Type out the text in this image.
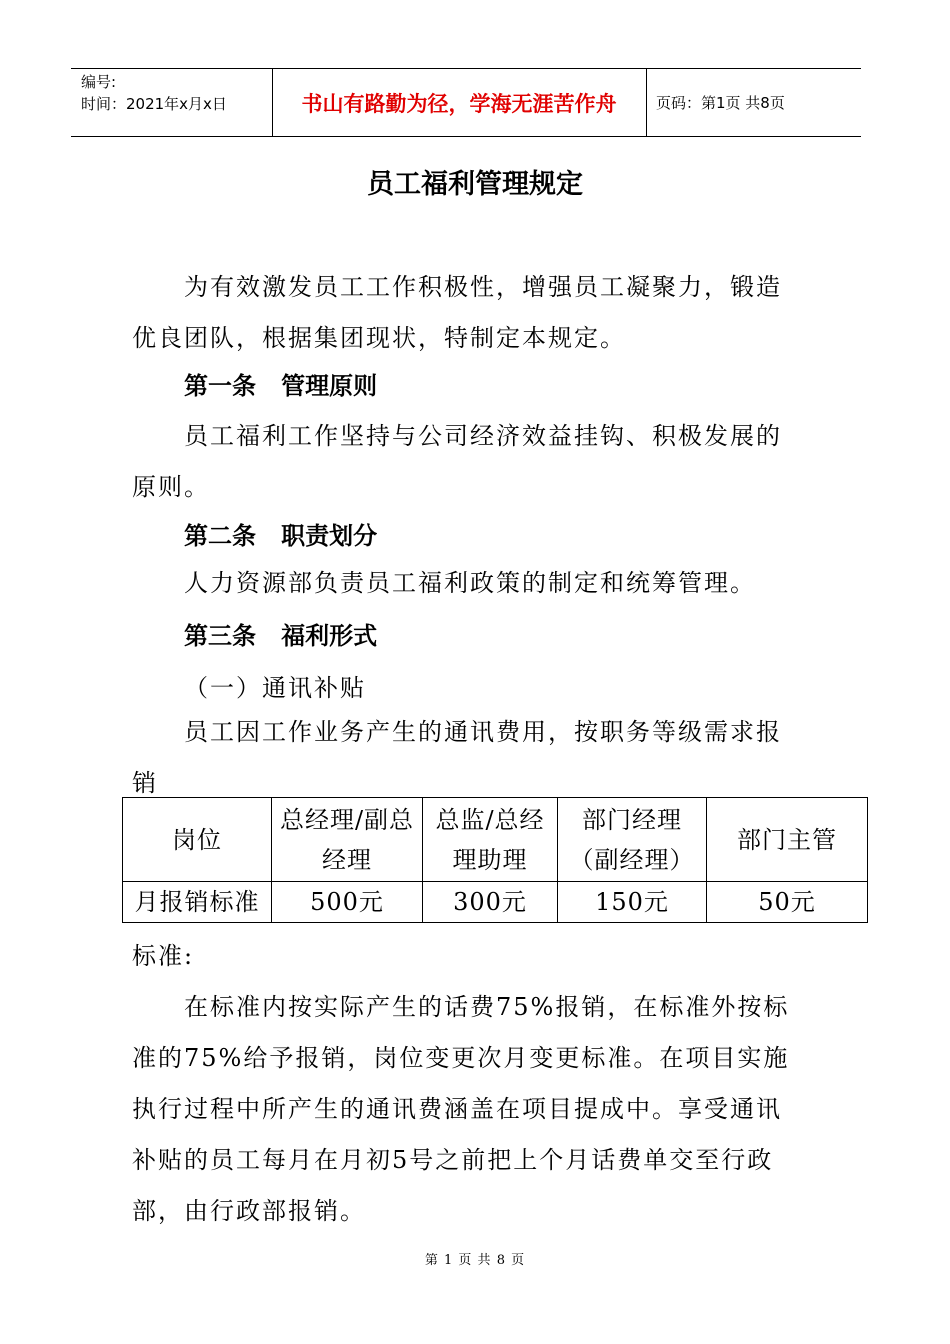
编号:
时间：2021年x月x日	书山有路勤为径，学海无涯苦作舟	页码：第1页 共8页
员工福利管理规定

为有效激发员工工作积极性，增强员工凝聚力，锻造优良团队，根据集团现状，特制定本规定。

第一条   管理原则

员工福利工作坚持与公司经济效益挂钩、积极发展的原则。

第二条   职责划分

人力资源部负责员工福利政策的制定和统筹管理。

第三条   福利形式
（一）通讯补贴

员工因工作业务产生的通讯费用，按职务等级需求报销

岗位	总经理/副总经理	总监/总经理助理	部门经理（副经理）	部门主管
月报销标准	500元	300元	150元	50元

标准:

在标准内按实际产生的话费75%报销，在标准外按标准的75%给予报销，岗位变更次月变更标准。在项目实施执行过程中所产生的通讯费涵盖在项目提成中。享受通讯补贴的员工每月在月初5号之前把上个月话费单交至行政部，由行政部报销。

第 1 页 共 8 页
